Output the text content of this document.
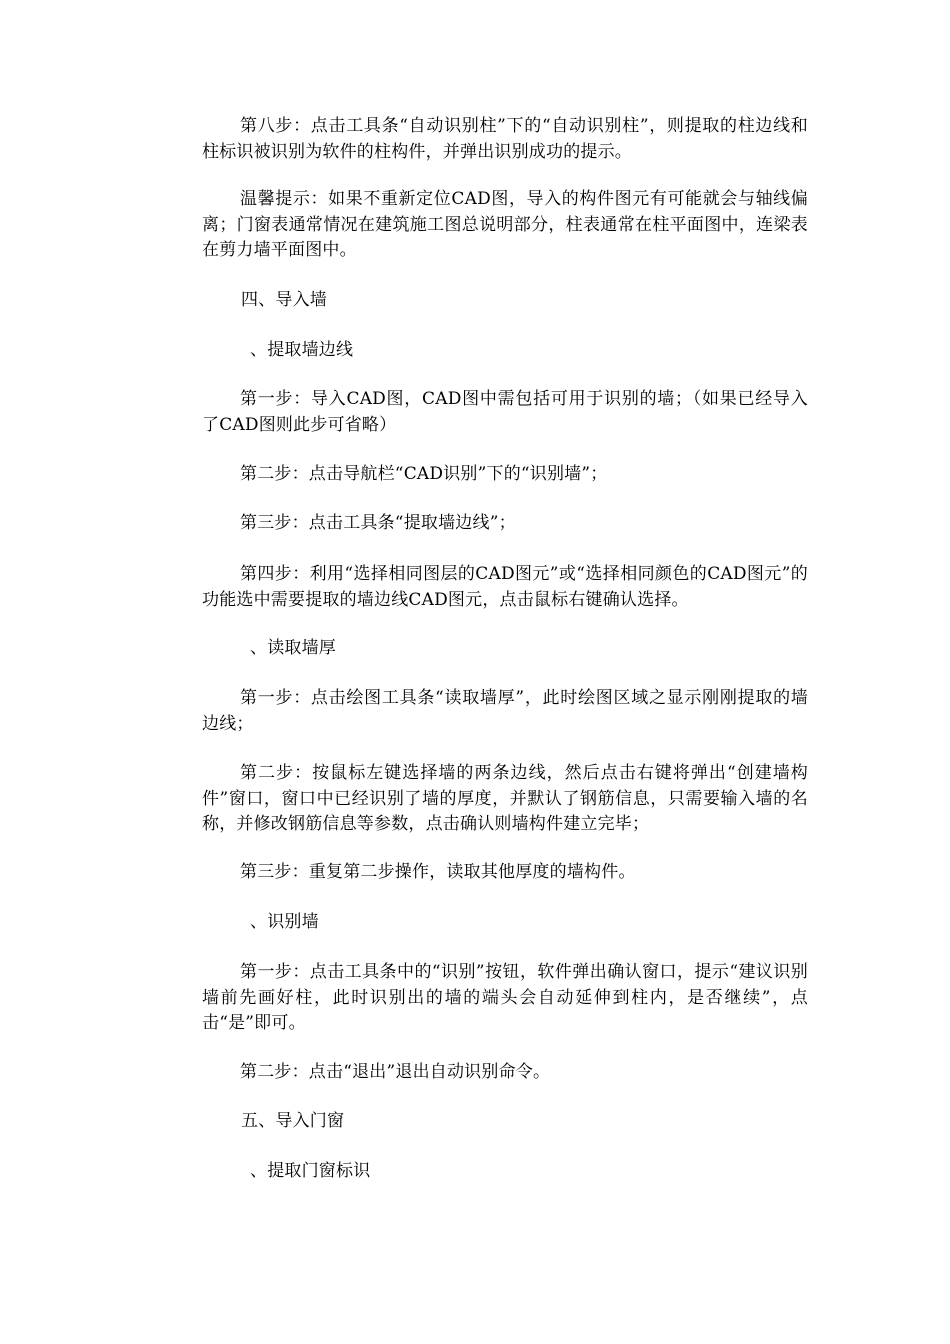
第八步：点击工具条“自动识别柱”下的“自动识别柱”，则提取的柱边线和柱标识被识别为软件的柱构件，并弹出识别成功的提示。

温馨提示：如果不重新定位CAD图，导入的构件图元有可能就会与轴线偏离；门窗表通常情况在建筑施工图总说明部分，柱表通常在柱平面图中，连梁表在剪力墙平面图中。

四、导入墙

、提取墙边线

第一步：导入CAD图，CAD图中需包括可用于识别的墙；（如果已经导入了CAD图则此步可省略）

第二步：点击导航栏“CAD识别”下的“识别墙”；

第三步：点击工具条“提取墙边线”；

第四步：利用“选择相同图层的CAD图元”或“选择相同颜色的CAD图元”的功能选中需要提取的墙边线CAD图元，点击鼠标右键确认选择。

、读取墙厚

第一步：点击绘图工具条“读取墙厚”，此时绘图区域之显示刚刚提取的墙边线；

第二步：按鼠标左键选择墙的两条边线，然后点击右键将弹出“创建墙构件”窗口，窗口中已经识别了墙的厚度，并默认了钢筋信息，只需要输入墙的名称，并修改钢筋信息等参数，点击确认则墙构件建立完毕；

第三步：重复第二步操作，读取其他厚度的墙构件。

、识别墙

第一步：点击工具条中的“识别”按钮，软件弹出确认窗口，提示“建议识别墙前先画好柱，此时识别出的墙的端头会自动延伸到柱内，是否继续”，点击“是”即可。

第二步：点击“退出”退出自动识别命令。

五、导入门窗

、提取门窗标识
